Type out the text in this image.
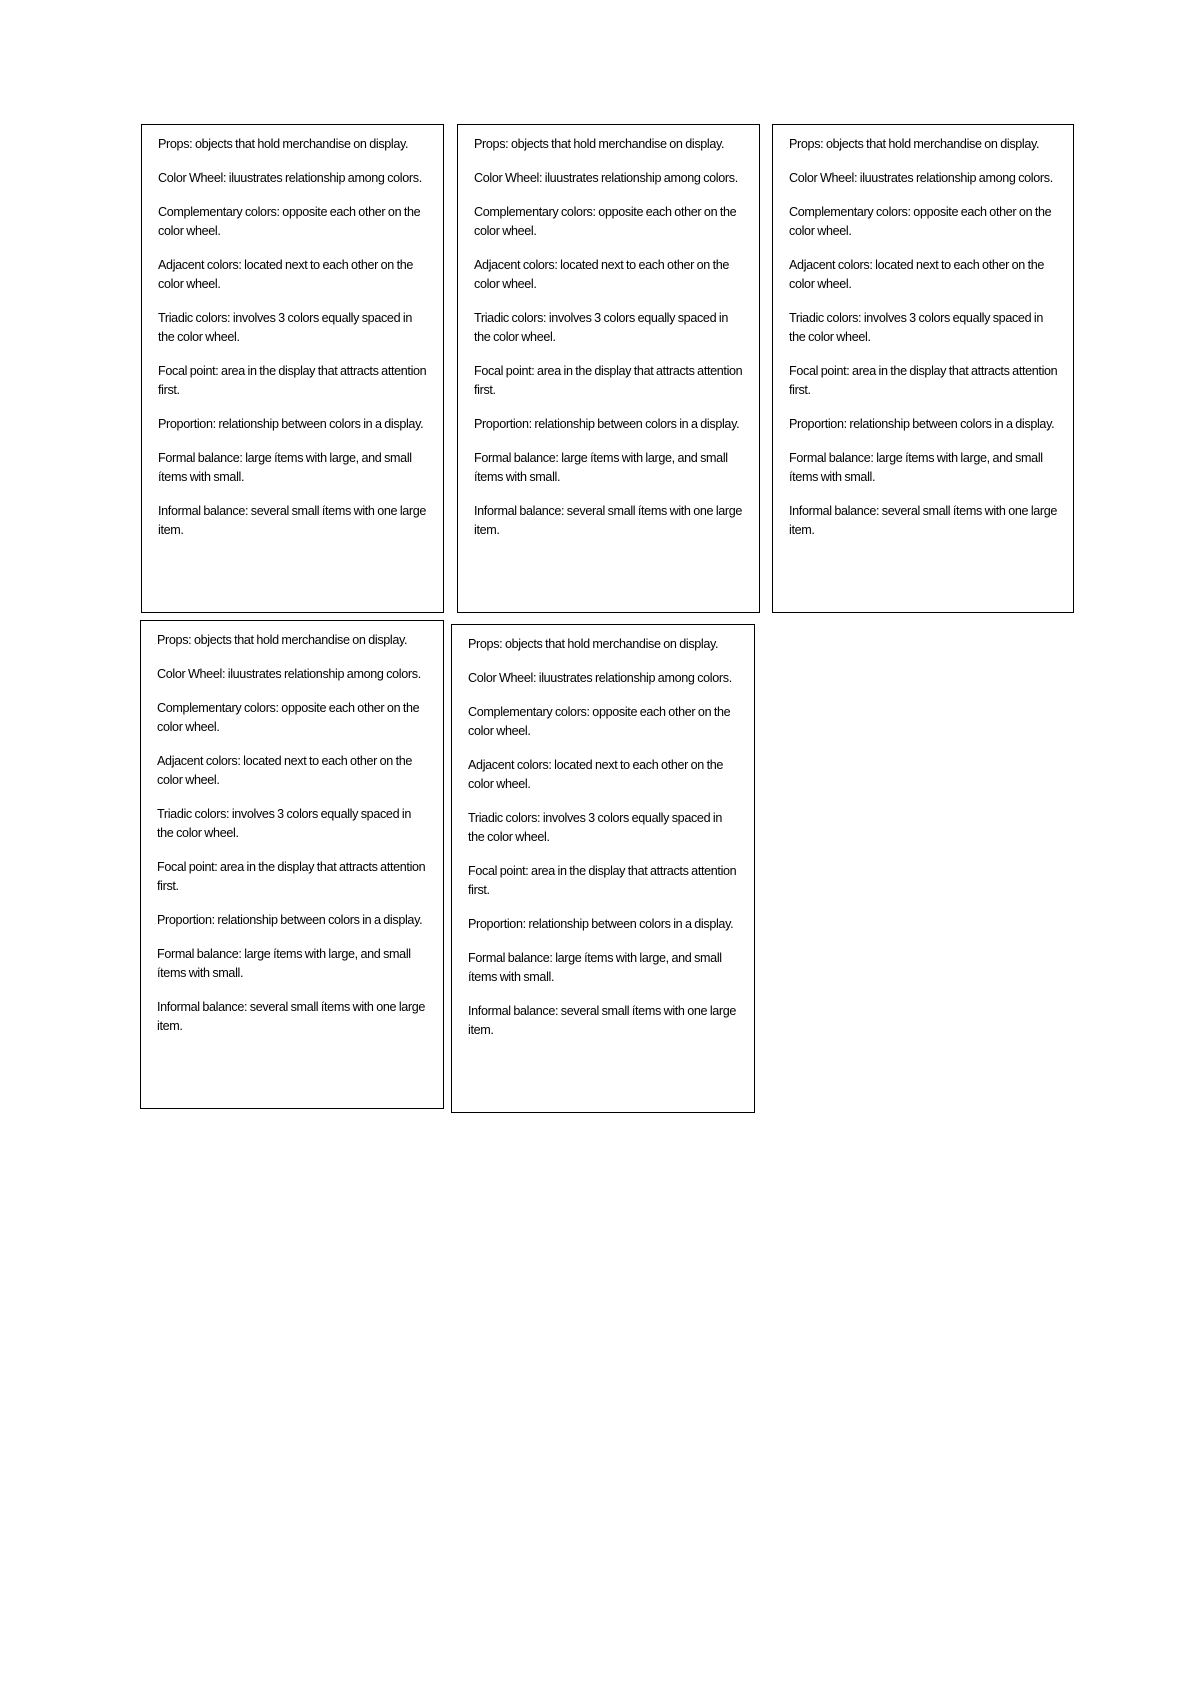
Props: objects that hold merchandise on display.

Color Wheel: iluustrates relationship among colors.

Complementary colors: opposite each other on the color wheel.

Adjacent colors: located next to each other on the color wheel.

Triadic colors: involves 3 colors equally spaced in the color wheel.

Focal point: area in the display that attracts attention first.

Proportion: relationship between colors in a display.

Formal balance: large ítems with large, and small ítems with small.

Informal balance: several small ítems with one large item.

Props: objects that hold merchandise on display.

Color Wheel: iluustrates relationship among colors.

Complementary colors: opposite each other on the color wheel.

Adjacent colors: located next to each other on the color wheel.

Triadic colors: involves 3 colors equally spaced in the color wheel.

Focal point: area in the display that attracts attention first.

Proportion: relationship between colors in a display.

Formal balance: large ítems with large, and small ítems with small.

Informal balance: several small ítems with one large item.

Props: objects that hold merchandise on display.

Color Wheel: iluustrates relationship among colors.

Complementary colors: opposite each other on the color wheel.

Adjacent colors: located next to each other on the color wheel.

Triadic colors: involves 3 colors equally spaced in the color wheel.

Focal point: area in the display that attracts attention first.

Proportion: relationship between colors in a display.

Formal balance: large ítems with large, and small ítems with small.

Informal balance: several small ítems with one large item.

Props: objects that hold merchandise on display.

Color Wheel: iluustrates relationship among colors.

Complementary colors: opposite each other on the color wheel.

Adjacent colors: located next to each other on the color wheel.

Triadic colors: involves 3 colors equally spaced in the color wheel.

Focal point: area in the display that attracts attention first.

Proportion: relationship between colors in a display.

Formal balance: large ítems with large, and small ítems with small.

Informal balance: several small ítems with one large item.

Props: objects that hold merchandise on display.

Color Wheel: iluustrates relationship among colors.

Complementary colors: opposite each other on the color wheel.

Adjacent colors: located next to each other on the color wheel.

Triadic colors: involves 3 colors equally spaced in the color wheel.

Focal point: area in the display that attracts attention first.

Proportion: relationship between colors in a display.

Formal balance: large ítems with large, and small ítems with small.

Informal balance: several small ítems with one large item.
